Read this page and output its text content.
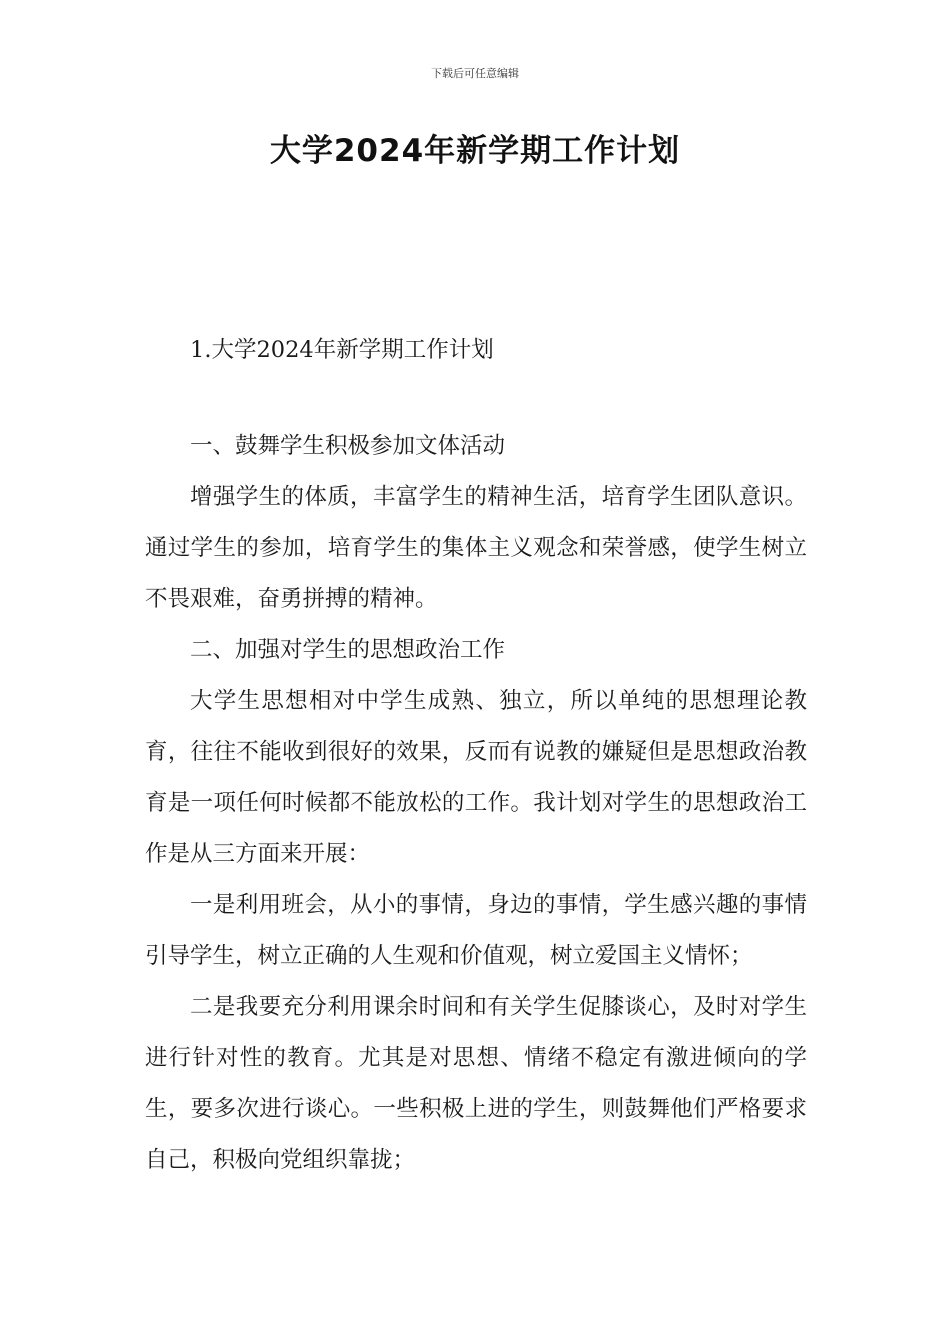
下载后可任意编辑
大学2024年新学期工作计划

1.大学2024年新学期工作计划

一、鼓舞学生积极参加文体活动

增强学生的体质，丰富学生的精神生活，培育学生团队意识。通过学生的参加，培育学生的集体主义观念和荣誉感，使学生树立不畏艰难，奋勇拼搏的精神。

二、加强对学生的思想政治工作

大学生思想相对中学生成熟、独立，所以单纯的思想理论教育，往往不能收到很好的效果，反而有说教的嫌疑但是思想政治教育是一项任何时候都不能放松的工作。我计划对学生的思想政治工作是从三方面来开展：

一是利用班会，从小的事情，身边的事情，学生感兴趣的事情引导学生，树立正确的人生观和价值观，树立爱国主义情怀；

二是我要充分利用课余时间和有关学生促膝谈心，及时对学生进行针对性的教育。尤其是对思想、情绪不稳定有激进倾向的学生，要多次进行谈心。一些积极上进的学生，则鼓舞他们严格要求自己，积极向党组织靠拢；
